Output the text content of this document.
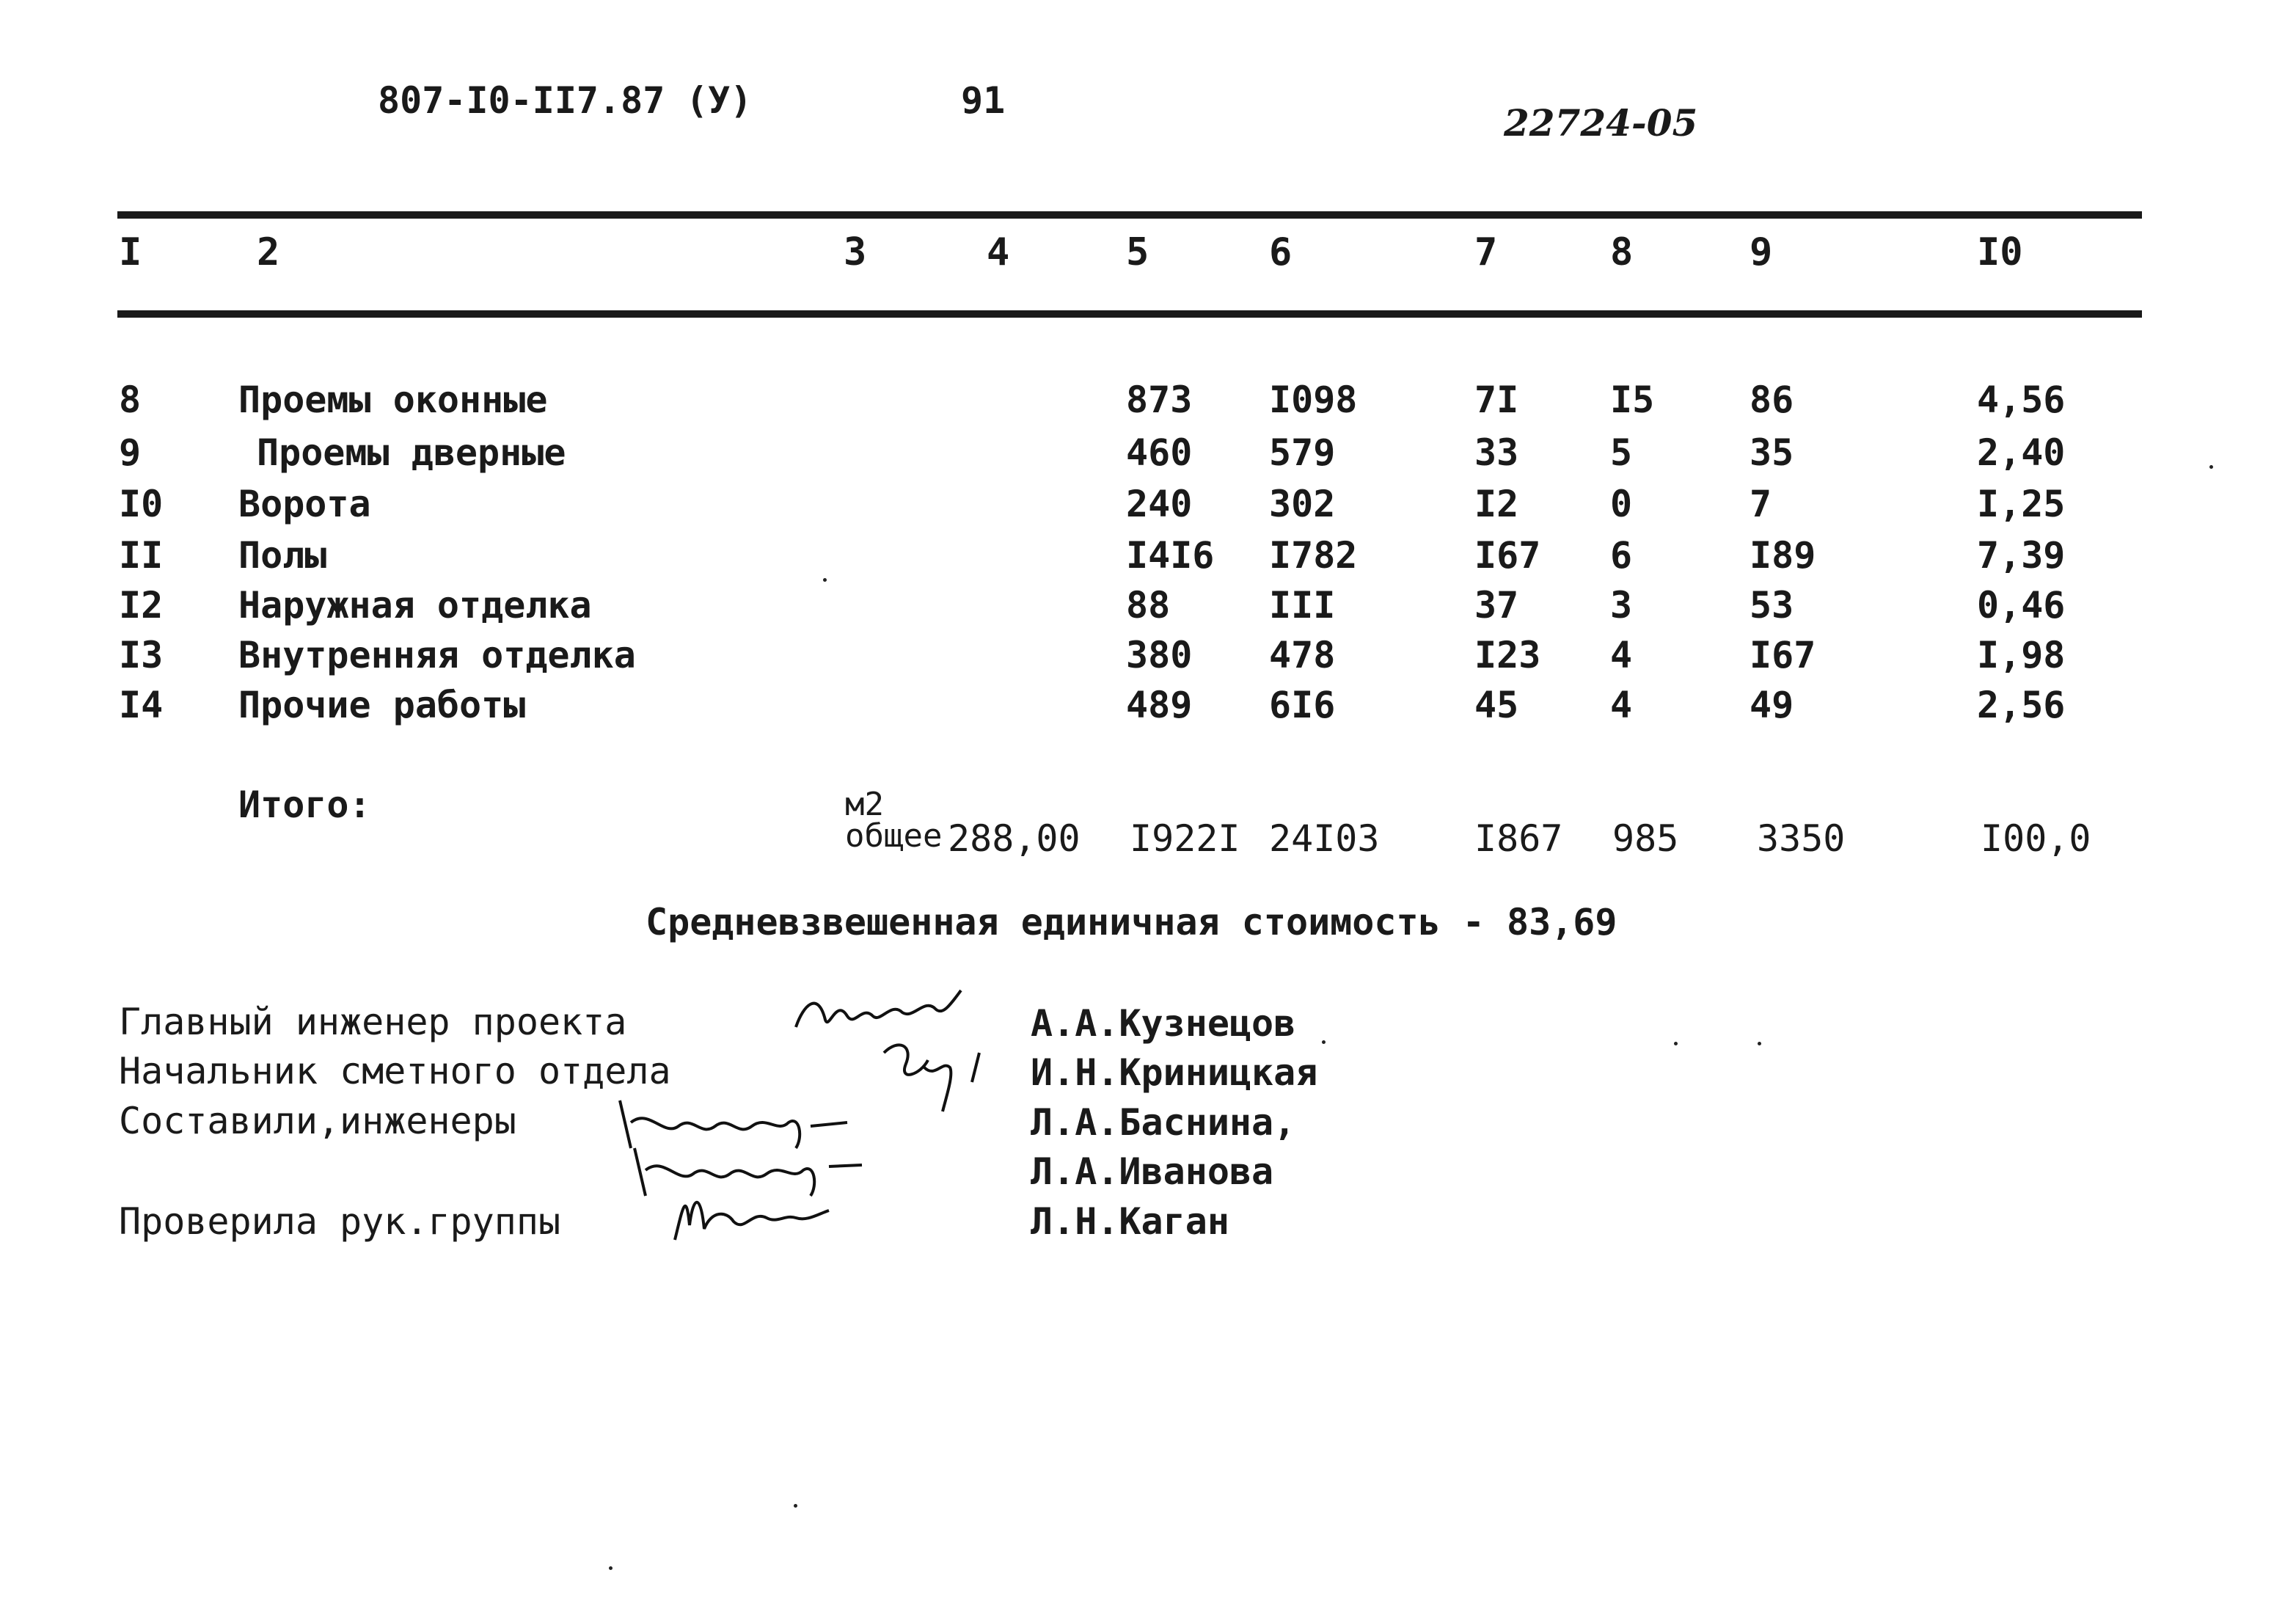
807-I0-II7.87 (У)	91
22724-05
I	2	3	4	5	6	7	8	9	I0
8	Проемы оконные	873 I098	7I I5	86	4,56
9	Проемы дверные	460 579	33 5	35	2,40
I0 Ворота	240 302	I2 0	7	I,25
II Полы	I4I6 I782	I67 6	I89	7,39
I2 Наружная отделка	88	III	37 3	53	0,46
I3 Внутренняя отделка	380 478	I23 4	I67	I,98
I4 Прочие работы	489 6I6	45 4	49	2,56
Итого:	м2
общее 288,00 I922I 24I03	I867 985 3350	I00,0
Средневзвешенная единичная стоимость - 83,69
Главный инженер проекта
Начальник сметного отдела
Составили,инженеры
Проверила рук.группы
А.А.Кузнецов
И.Н.Криницкая
Л.А.Баснина,
Л.А.Иванова
Л.Н.Каган
